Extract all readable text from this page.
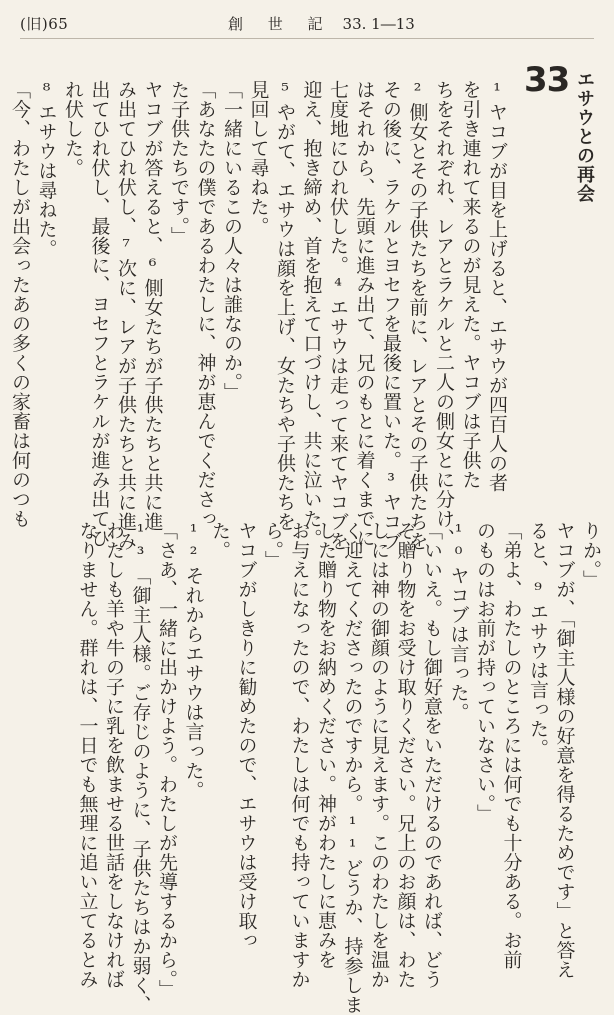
(旧)65	創 世 記 33. 1―13
33 エサウとの再会
¹ヤコブが目を上げると、エサウが四百人の者
を引き連れて来るのが見えた。ヤコブは子供た
ちをそれぞれ、レアとラケルと二人の側女とに分け、
²側女とその子供たちを前に、レアとその子供たちを
その後に、ラケルとヨセフを最後に置いた。³ヤコブ
はそれから、先頭に進み出て、兄のもとに着くまでに
七度地にひれ伏した。⁴エサウは走って来てヤコブを
迎え、抱き締め、首を抱えて口づけし、共に泣いた。
⁵やがて、エサウは顔を上げ、女たちや子供たちを
見回して尋ねた。
「一緒にいるこの人々は誰なのか。」
「あなたの僕であるわたしに、神が恵んでくださっ
た子供たちです。」
ヤコブが答えると、⁶側女たちが子供たちと共に進
み出てひれ伏し、⁷次に、レアが子供たちと共に進み
出てひれ伏し、最後に、ヨセフとラケルが進み出てひ
れ伏した。
⁸エサウは尋ねた。
「今、わたしが出会ったあの多くの家畜は何のつも
りか。」
ヤコブが、「御主人様の好意を得るためです」と答え
ると、⁹エサウは言った。
「弟よ、わたしのところには何でも十分ある。お前
のものはお前が持っていなさい。」
¹⁰ヤコブは言った。
「いいえ。もし御好意をいただけるのであれば、どう
ぞ贈り物をお受け取りください。兄上のお顔は、わた
しには神の御顔のように見えます。このわたしを温か
く迎えてくださったのですから。¹¹どうか、持参しま
した贈り物をお納めください。神がわたしに恵みを
お与えになったので、わたしは何でも持っていますか
ら。」
ヤコブがしきりに勧めたので、エサウは受け取っ
た。
¹²それからエサウは言った。
「さあ、一緒に出かけよう。わたしが先導するから。」
¹³「御主人様。ご存じのように、子供たちはか弱く、
わたしも羊や牛の子に乳を飲ませる世話をしなければ
なりません。群れは、一日でも無理に追い立てるとみ
